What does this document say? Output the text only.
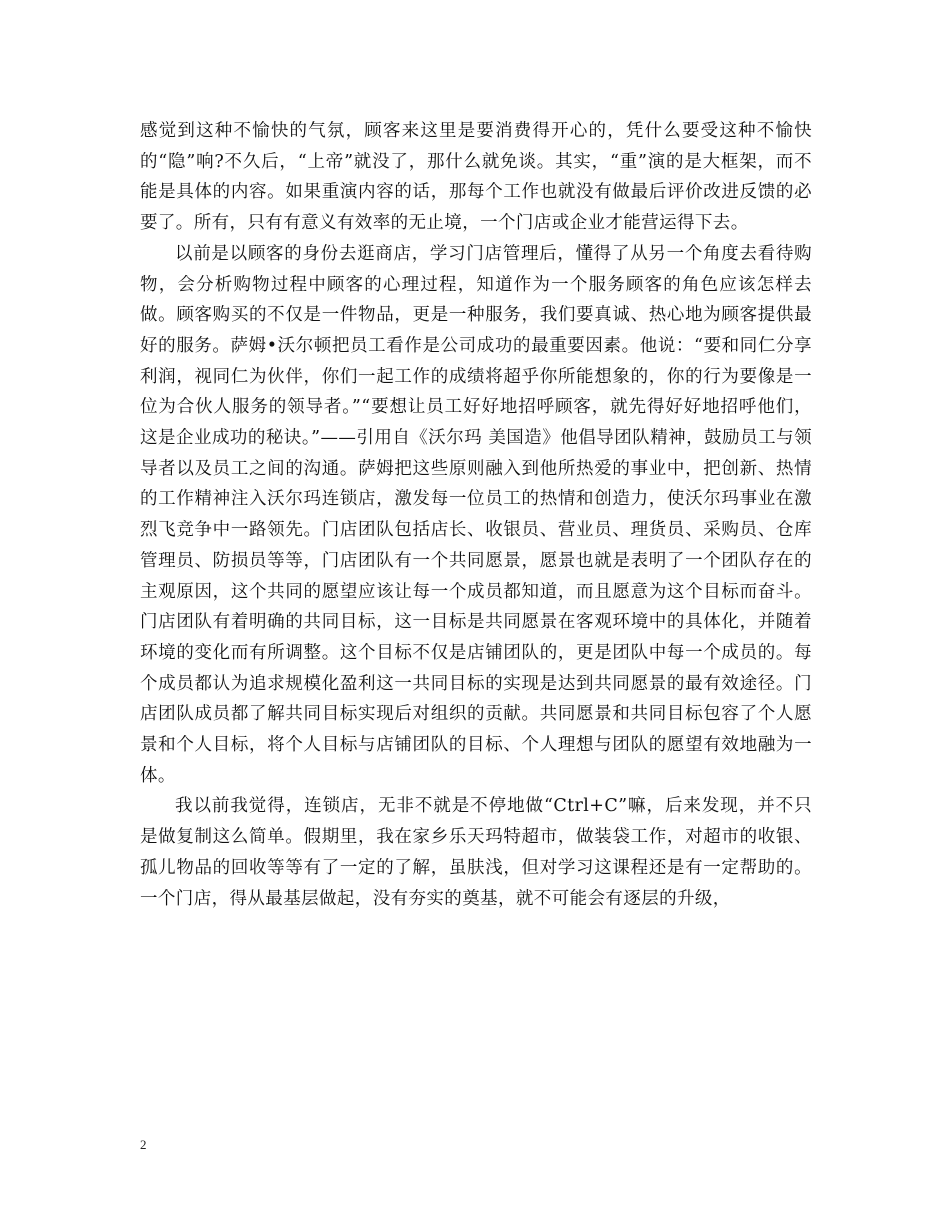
感觉到这种不愉快的气氛，顾客来这里是要消费得开心的，凭什么要受这种不愉快的“隐”响?不久后，“上帝”就没了，那什么就免谈。其实，“重”演的是大框架，而不能是具体的内容。如果重演内容的话，那每个工作也就没有做最后评价改进反馈的必要了。所有，只有有意义有效率的无止境，一个门店或企业才能营运得下去。

以前是以顾客的身份去逛商店，学习门店管理后，懂得了从另一个角度去看待购物，会分析购物过程中顾客的心理过程，知道作为一个服务顾客的角色应该怎样去做。顾客购买的不仅是一件物品，更是一种服务，我们要真诚、热心地为顾客提供最好的服务。萨姆•沃尔顿把员工看作是公司成功的最重要因素。他说：“要和同仁分享利润，视同仁为伙伴，你们一起工作的成绩将超乎你所能想象的，你的行为要像是一位为合伙人服务的领导者。”“要想让员工好好地招呼顾客，就先得好好地招呼他们，这是企业成功的秘诀。”——引用自《沃尔玛 美国造》他倡导团队精神，鼓励员工与领导者以及员工之间的沟通。萨姆把这些原则融入到他所热爱的事业中，把创新、热情的工作精神注入沃尔玛连锁店，激发每一位员工的热情和创造力，使沃尔玛事业在激烈飞竞争中一路领先。门店团队包括店长、收银员、营业员、理货员、采购员、仓库管理员、防损员等等，门店团队有一个共同愿景，愿景也就是表明了一个团队存在的主观原因，这个共同的愿望应该让每一个成员都知道，而且愿意为这个目标而奋斗。门店团队有着明确的共同目标，这一目标是共同愿景在客观环境中的具体化，并随着环境的变化而有所调整。这个目标不仅是店铺团队的，更是团队中每一个成员的。每个成员都认为追求规模化盈利这一共同目标的实现是达到共同愿景的最有效途径。门店团队成员都了解共同目标实现后对组织的贡献。共同愿景和共同目标包容了个人愿景和个人目标，将个人目标与店铺团队的目标、个人理想与团队的愿望有效地融为一体。

我以前我觉得，连锁店，无非不就是不停地做“Ctrl+C”嘛，后来发现，并不只是做复制这么简单。假期里，我在家乡乐天玛特超市，做装袋工作，对超市的收银、孤儿物品的回收等等有了一定的了解，虽肤浅，但对学习这课程还是有一定帮助的。一个门店，得从最基层做起，没有夯实的奠基，就不可能会有逐层的升级，

2
